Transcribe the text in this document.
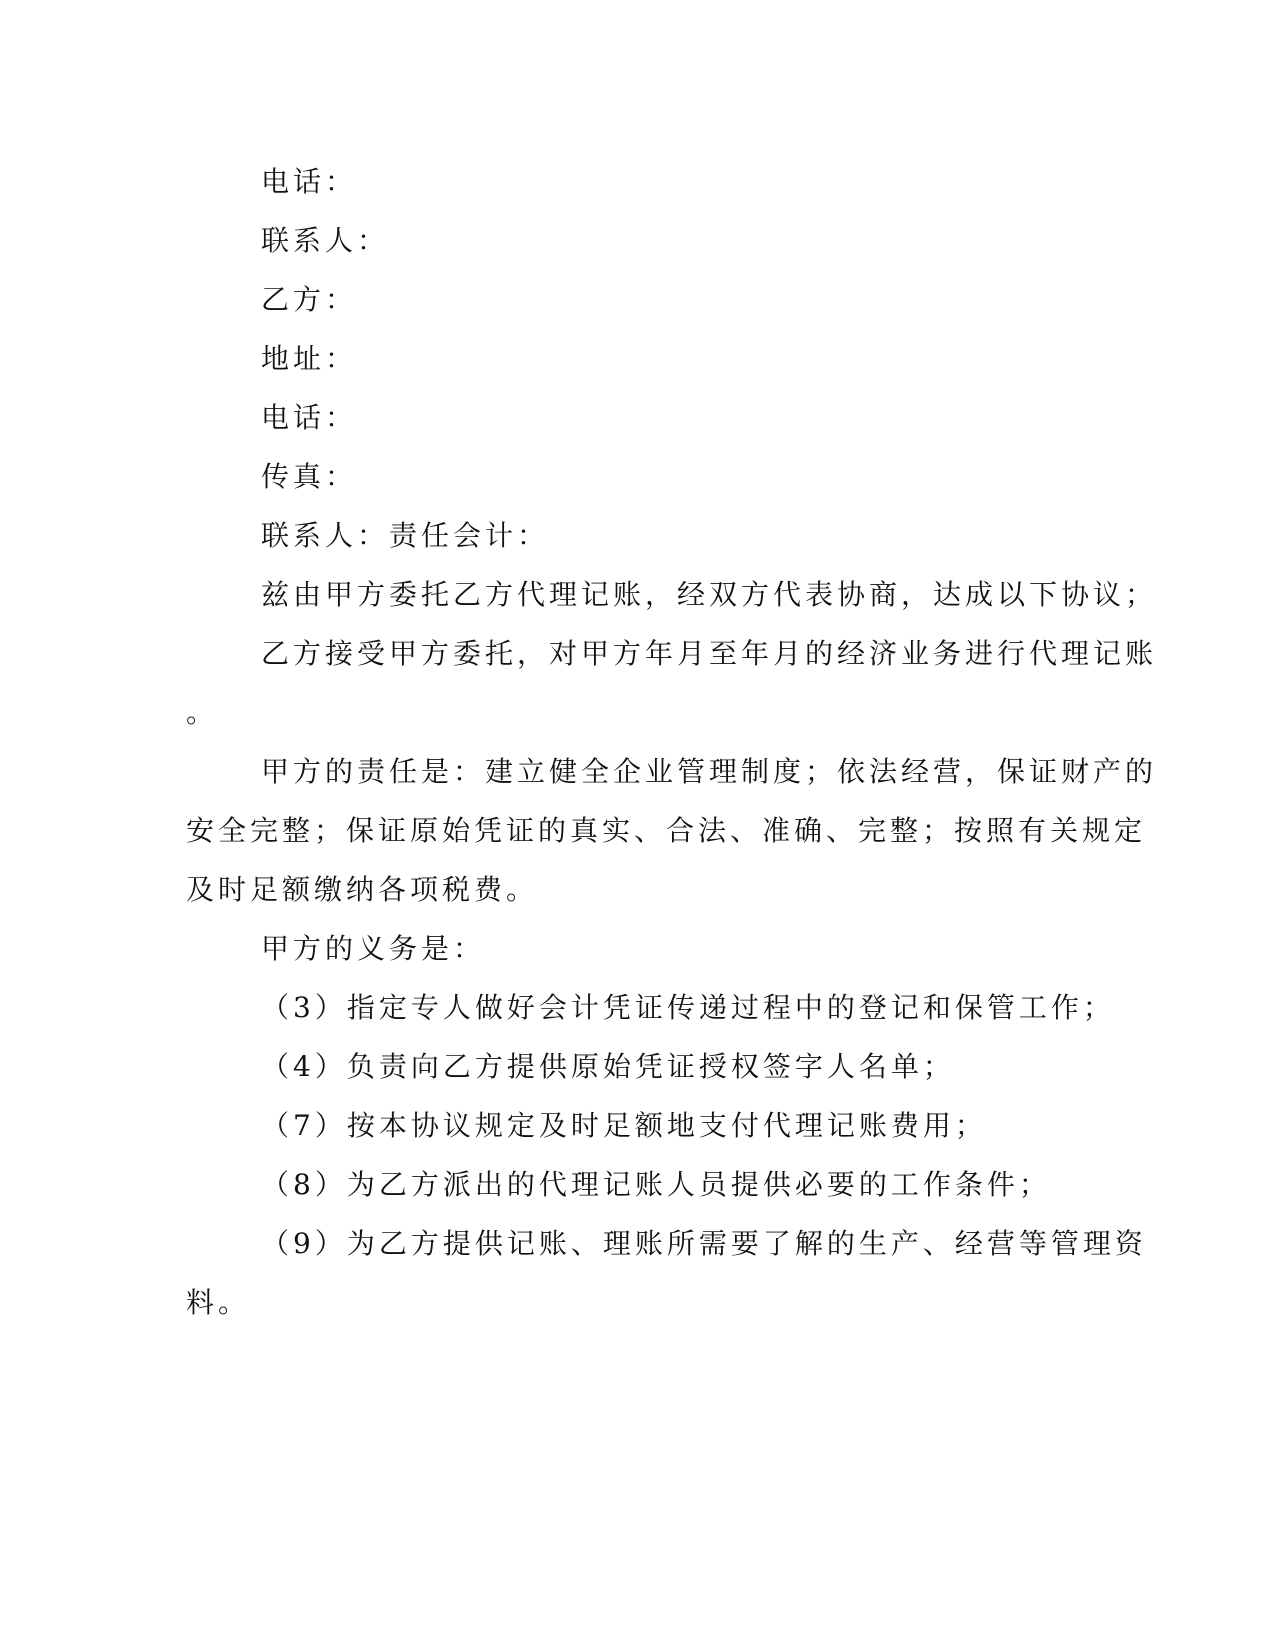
电话：
联系人：
乙方：
地址：
电话：
传真：
联系人：责任会计：
兹由甲方委托乙方代理记账，经双方代表协商，达成以下协议；
乙方接受甲方委托，对甲方年月至年月的经济业务进行代理记账
。
甲方的责任是：建立健全企业管理制度；依法经营，保证财产的
安全完整；保证原始凭证的真实、合法、准确、完整；按照有关规定
及时足额缴纳各项税费。
甲方的义务是：
（3）指定专人做好会计凭证传递过程中的登记和保管工作；
（4）负责向乙方提供原始凭证授权签字人名单；
（7）按本协议规定及时足额地支付代理记账费用；
（8）为乙方派出的代理记账人员提供必要的工作条件；
（9）为乙方提供记账、理账所需要了解的生产、经营等管理资
料。
